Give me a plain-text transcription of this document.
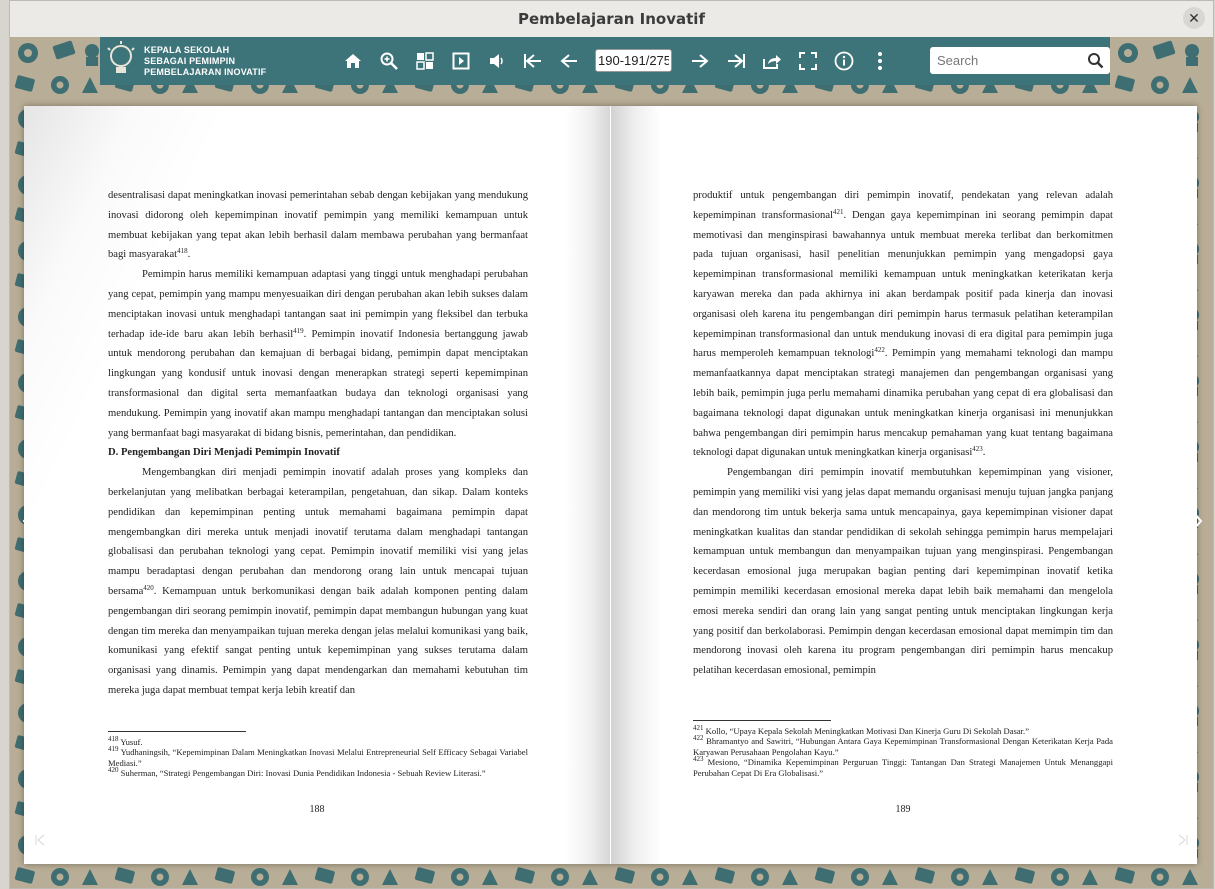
Pembelajaran Inovatif	✕
KEPALA SEKOLAH
SEBAGAI PEMIMPIN
PEMBELAJARAN INOVATIF
190-191/275
Search

desentralisasi dapat meningkatkan inovasi pemerintahan sebab dengan kebijakan yang mendukung inovasi didorong oleh kepemimpinan inovatif pemimpin yang memiliki kemampuan untuk membuat kebijakan yang tepat akan lebih berhasil dalam membawa perubahan yang bermanfaat bagi masyarakat$^{418}$.

Pemimpin harus memiliki kemampuan adaptasi yang tinggi untuk menghadapi perubahan yang cepat, pemimpin yang mampu menyesuaikan diri dengan perubahan akan lebih sukses dalam menciptakan inovasi untuk menghadapi tantangan saat ini pemimpin yang fleksibel dan terbuka terhadap ide-ide baru akan lebih berhasil$^{419}$. Pemimpin inovatif Indonesia bertanggung jawab untuk mendorong perubahan dan kemajuan di berbagai bidang, pemimpin dapat menciptakan lingkungan yang kondusif untuk inovasi dengan menerapkan strategi seperti kepemimpinan transformasional dan digital serta memanfaatkan budaya dan teknologi organisasi yang mendukung. Pemimpin yang inovatif akan mampu menghadapi tantangan dan menciptakan solusi yang bermanfaat bagi masyarakat di bidang bisnis, pemerintahan, dan pendidikan.

D. Pengembangan Diri Menjadi Pemimpin Inovatif

Mengembangkan diri menjadi pemimpin inovatif adalah proses yang kompleks dan berkelanjutan yang melibatkan berbagai keterampilan, pengetahuan, dan sikap. Dalam konteks pendidikan dan kepemimpinan penting untuk memahami bagaimana pemimpin dapat mengembangkan diri mereka untuk menjadi inovatif terutama dalam menghadapi tantangan globalisasi dan perubahan teknologi yang cepat. Pemimpin inovatif memiliki visi yang jelas mampu beradaptasi dengan perubahan dan mendorong orang lain untuk mencapai tujuan bersama$^{420}$. Kemampuan untuk berkomunikasi dengan baik adalah komponen penting dalam pengembangan diri seorang pemimpin inovatif, pemimpin dapat membangun hubungan yang kuat dengan tim mereka dan menyampaikan tujuan mereka dengan jelas melalui komunikasi yang baik, komunikasi yang efektif sangat penting untuk kepemimpinan yang sukses terutama dalam organisasi yang dinamis. Pemimpin yang dapat mendengarkan dan memahami kebutuhan tim mereka juga dapat membuat tempat kerja lebih kreatif dan

$^{418}$ Yusuf.

$^{419}$ Yudhaningsih, “Kepemimpinan Dalam Meningkatkan Inovasi Melalui Entrepreneurial Self Efficacy Sebagai Variabel Mediasi.”

$^{420}$ Suherman, “Strategi Pengembangan Diri: Inovasi Dunia Pendidikan Indonesia - Sebuah Review Literasi.”

188

produktif untuk pengembangan diri pemimpin inovatif, pendekatan yang relevan adalah kepemimpinan transformasional$^{421}$. Dengan gaya kepemimpinan ini seorang pemimpin dapat memotivasi dan menginspirasi bawahannya untuk membuat mereka terlibat dan berkomitmen pada tujuan organisasi, hasil penelitian menunjukkan pemimpin yang mengadopsi gaya kepemimpinan transformasional memiliki kemampuan untuk meningkatkan keterikatan kerja karyawan mereka dan pada akhirnya ini akan berdampak positif pada kinerja dan inovasi organisasi oleh karena itu pengembangan diri pemimpin harus termasuk pelatihan keterampilan kepemimpinan transformasional dan untuk mendukung inovasi di era digital para pemimpin juga harus memperoleh kemampuan teknologi$^{422}$. Pemimpin yang memahami teknologi dan mampu memanfaatkannya dapat menciptakan strategi manajemen dan pengembangan organisasi yang lebih baik, pemimpin juga perlu memahami dinamika perubahan yang cepat di era globalisasi dan bagaimana teknologi dapat digunakan untuk meningkatkan kinerja organisasi ini menunjukkan bahwa pengembangan diri pemimpin harus mencakup pemahaman yang kuat tentang bagaimana teknologi dapat digunakan untuk meningkatkan kinerja organisasi$^{423}$.

Pengembangan diri pemimpin inovatif membutuhkan kepemimpinan yang visioner, pemimpin yang memiliki visi yang jelas dapat memandu organisasi menuju tujuan jangka panjang dan mendorong tim untuk bekerja sama untuk mencapainya, gaya kepemimpinan visioner dapat meningkatkan kualitas dan standar pendidikan di sekolah sehingga pemimpin harus mempelajari kemampuan untuk membangun dan menyampaikan tujuan yang menginspirasi. Pengembangan kecerdasan emosional juga merupakan bagian penting dari kepemimpinan inovatif ketika pemimpin memiliki kecerdasan emosional mereka dapat lebih baik memahami dan mengelola emosi mereka sendiri dan orang lain yang sangat penting untuk menciptakan lingkungan kerja yang positif dan berkolaborasi. Pemimpin dengan kecerdasan emosional dapat memimpin tim dan mendorong inovasi oleh karena itu program pengembangan diri pemimpin harus mencakup pelatihan kecerdasan emosional, pemimpin

$^{421}$ Kollo, “Upaya Kepala Sekolah Meningkatkan Motivasi Dan Kinerja Guru Di Sekolah Dasar.”

$^{422}$ Bhramantyo and Sawitri, “Hubungan Antara Gaya Kepemimpinan Transformasional Dengan Keterikatan Kerja Pada Karyawan Perusahaan Pengolahan Kayu.”

$^{423}$ Mesiono, “Dinamika Kepemimpinan Perguruan Tinggi: Tantangan Dan Strategi Manajemen Untuk Menanggapi Perubahan Cepat Di Era Globalisasi.”

189
